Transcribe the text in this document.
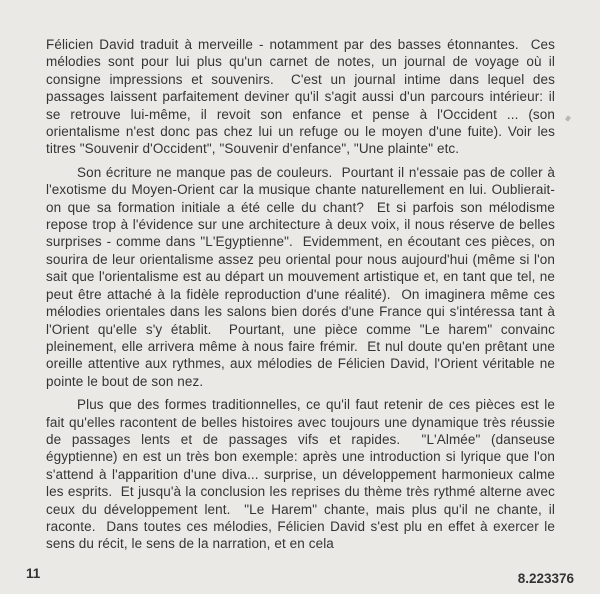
Félicien David traduit à merveille - notamment par des basses étonnantes.  Ces mélodies sont pour lui plus qu'un carnet de notes, un journal de voyage où il consigne impressions et souvenirs.  C'est un journal intime dans lequel des passages laissent parfaitement deviner qu'il s'agit aussi d'un parcours intérieur: il se retrouve lui-même, il revoit son enfance et pense à l'Occident ... (son orientalisme n'est donc pas chez lui un refuge ou le moyen d'une fuite). Voir les titres "Souvenir d'Occident", "Souvenir d'enfance", "Une plainte" etc.

Son écriture ne manque pas de couleurs.  Pourtant il n'essaie pas de coller à l'exotisme du Moyen-Orient car la musique chante naturellement en lui. Oublierait-on que sa formation initiale a été celle du chant?  Et si parfois son mélodisme repose trop à l'évidence sur une architecture à deux voix, il nous réserve de belles surprises - comme dans "L'Egyptienne".  Evidemment, en écoutant ces pièces, on sourira de leur orientalisme assez peu oriental pour nous aujourd'hui (même si l'on sait que l'orientalisme est au départ un mouvement artistique et, en tant que tel, ne peut être attaché à la fidèle reproduction d'une réalité).  On imaginera même ces mélodies orientales dans les salons bien dorés d'une France qui s'intéressa tant à l'Orient qu'elle s'y établit.  Pourtant, une pièce comme "Le harem" convainc pleinement, elle arrivera même à nous faire frémir.  Et nul doute qu'en prêtant une oreille attentive aux rythmes, aux mélodies de Félicien David, l'Orient véritable ne pointe le bout de son nez.

Plus que des formes traditionnelles, ce qu'il faut retenir de ces pièces est le fait qu'elles racontent de belles histoires avec toujours une dynamique très réussie de passages lents et de passages vifs et rapides.  "L'Almée" (danseuse égyptienne) en est un très bon exemple: après une introduction si lyrique que l'on s'attend à l'apparition d'une diva... surprise, un développement harmonieux calme les esprits.  Et jusqu'à la conclusion les reprises du thème très rythmé alterne avec ceux du développement lent.  "Le Harem" chante, mais plus qu'il ne chante, il raconte.  Dans toutes ces mélodies, Félicien David s'est plu en effet à exercer le sens du récit, le sens de la narration, et en cela

11	8.223376
